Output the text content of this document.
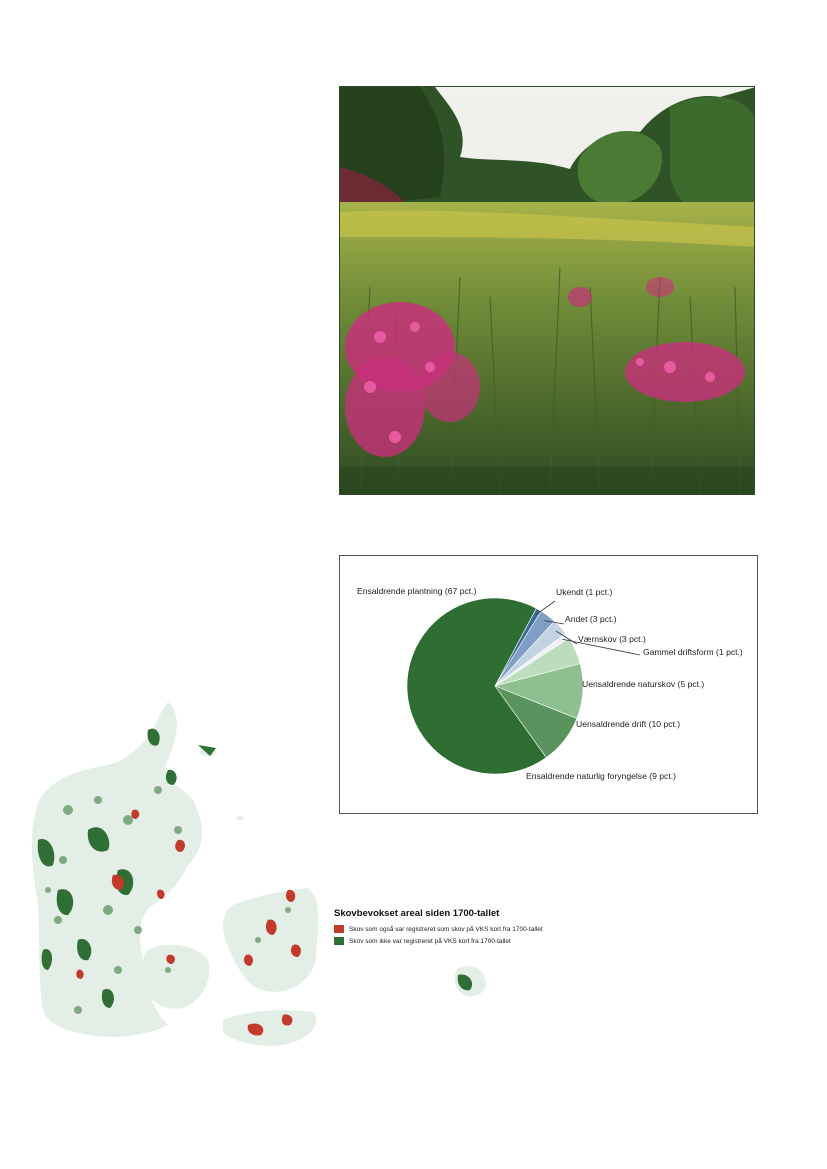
Ukendt (1 pct.)
Andet (3 pct.)
Værnskov (3 pct.)
Gammel driftsform (1 pct.)
Uensaldrende naturskov (5 pct.)
Uensaldrende drift (10 pct.)
Ensaldrende naturlig foryngelse (9 pct.)
Ensaldrende plantning (67 pct.)
Skovbevokset areal siden 1700-tallet
Skov som også var registreret som skov på VKS kort fra 1700-tallet
Skov som ikke var registreret på VKS kort fra 1700-tallet
